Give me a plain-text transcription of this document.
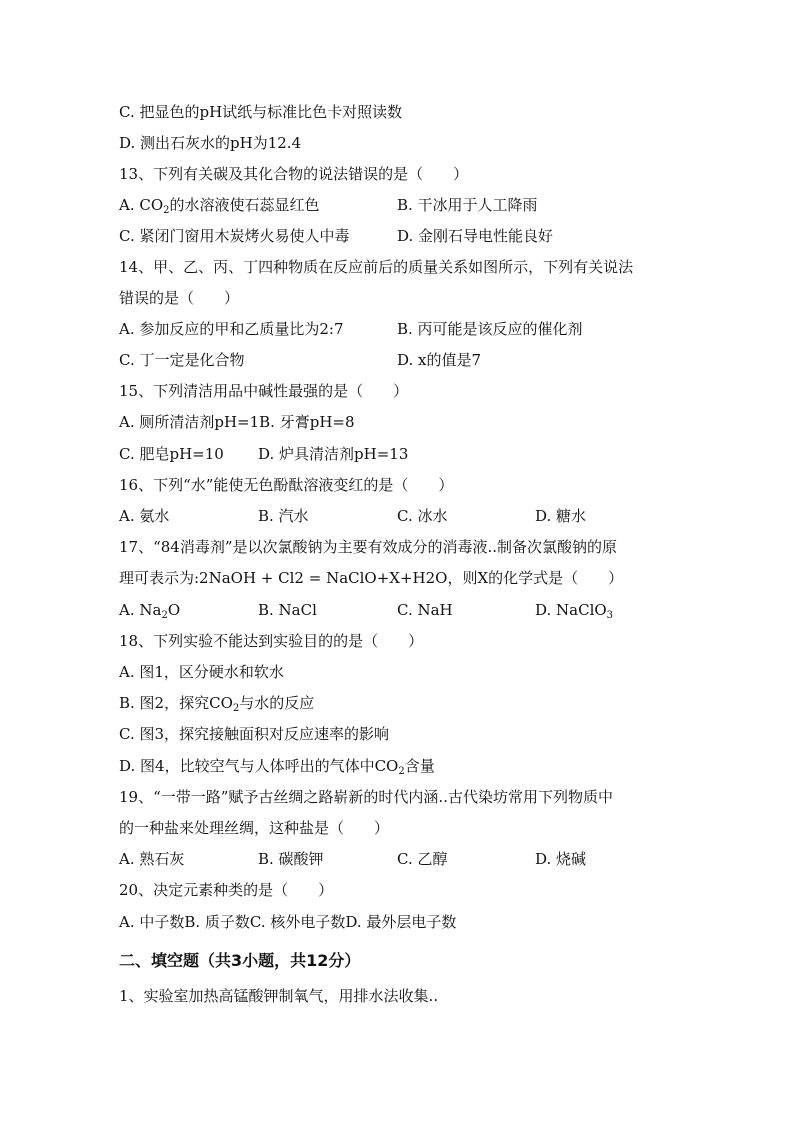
C. 把显色的pH试纸与标准比色卡对照读数
D. 测出石灰水的pH为12.4
13、下列有关碳及其化合物的说法错误的是（　　）
A. $CO_2$的水溶液使石蕊显红色	B. 干冰用于人工降雨
C. 紧闭门窗用木炭烤火易使人中毒	D. 金刚石导电性能良好
14、甲、乙、丙、丁四种物质在反应前后的质量关系如图所示，下列有关说法
错误的是（　　）
A. 参加反应的甲和乙质量比为2:7	B. 丙可能是该反应的催化剂
C. 丁一定是化合物	D. x的值是7
15、下列清洁用品中碱性最强的是（　　）
A. 厕所清洁剂pH=1B. 牙膏pH=8
C. 肥皂pH=10 D. 炉具清洁剂pH=13
16、下列“水”能使无色酚酞溶液变红的是（　　）
A. 氨水	B. 汽水	C. 冰水	D. 糖水
17、“84消毒剂”是以次氯酸钠为主要有效成分的消毒液..制备次氯酸钠的原
理可表示为:2NaOH + Cl2 = NaClO+X+H2O，则X的化学式是（　　）
A. $Na_2O$	B. NaCl	C. NaH	D. NaClO$_3$
18、下列实验不能达到实验目的的是（　　）
A. 图1，区分硬水和软水
B. 图2，探究$CO_2$与水的反应
C. 图3，探究接触面积对反应速率的影响
D. 图4，比较空气与人体呼出的气体中$CO_2$含量
19、“一带一路”赋予古丝绸之路崭新的时代内涵..古代染坊常用下列物质中
的一种盐来处理丝绸，这种盐是（　　）
A. 熟石灰	B. 碳酸钾	C. 乙醇	D. 烧碱
20、决定元素种类的是（　　）
A. 中子数B. 质子数C. 核外电子数D. 最外层电子数
二、填空题（共3小题，共12分）
1、实验室加热高锰酸钾制氧气，用排水法收集..
